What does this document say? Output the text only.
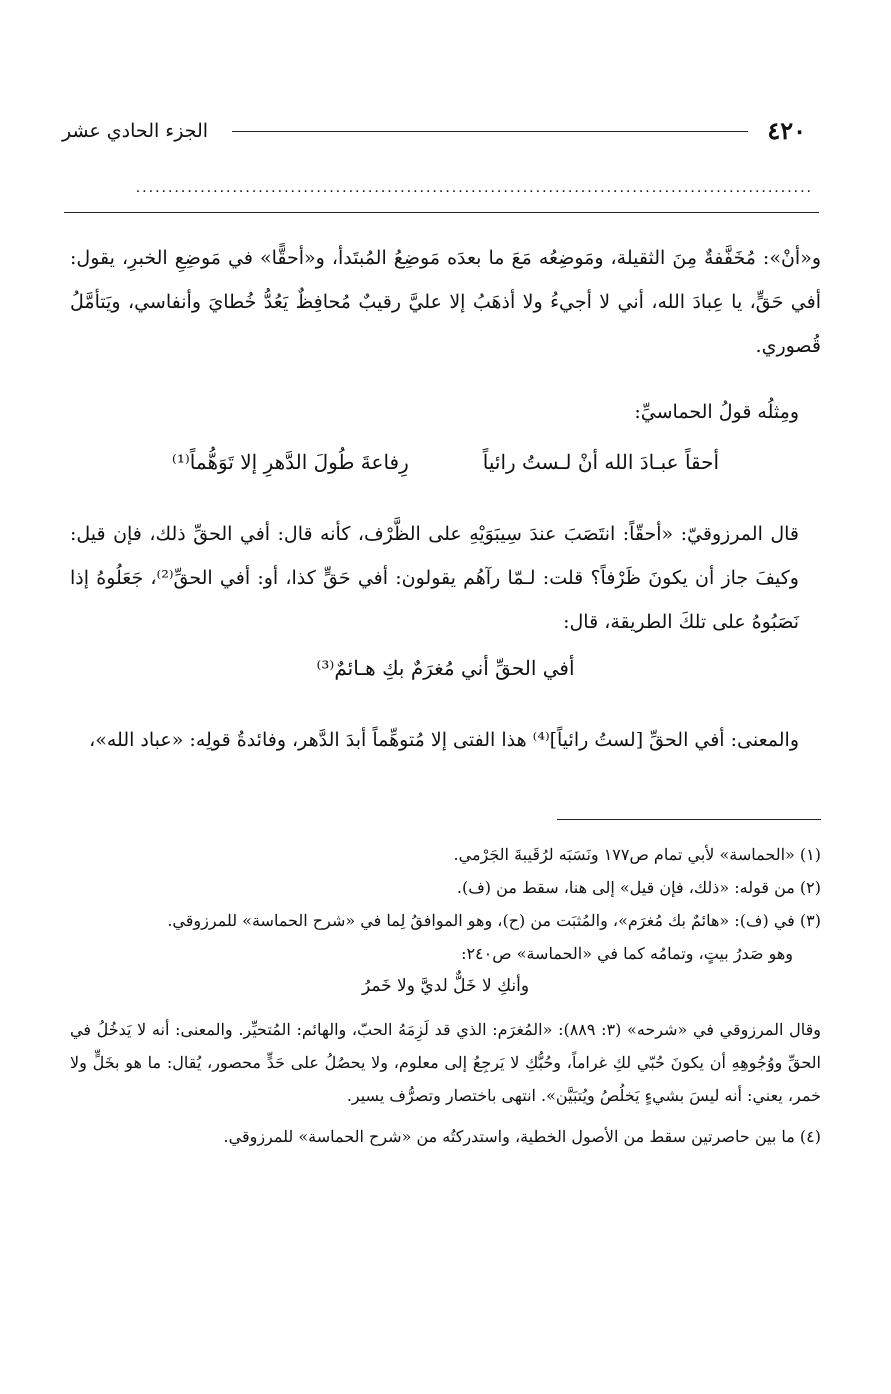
٤٢٠
الجزء الحادي عشر
.........................................................................................................

و«أنْ»: مُخَفَّفةٌ مِنَ الثقيلة، ومَوضِعُه مَعَ ما بعدَه مَوضِعُ المُبتَدأ، و«أحقًّا» في مَوضِعِ الخبرِ، يقول: أفي حَقٍّ، يا عِبادَ الله، أني لا أجيءُ ولا أذهَبُ إلا عليَّ رقيبٌ مُحافِظٌ يَعُدُّ خُطايَ وأنفاسي، ويَتأمَّلُ قُصوري.

ومِثلُه قولُ الحماسيِّ:

أحقاً عبـادَ الله أنْ لـستُ رائياً
رِفاعةَ طُولَ الدَّهرِ إلا تَوَهُّماً⁽¹⁾

قال المرزوقيّ: «أحقّاً: انتَصَبَ عندَ سِيبَوَيْهِ على الظَّرْف، كأنه قال: أفي الحقِّ ذلك، فإن قيل: وكيفَ جاز أن يكونَ ظَرْفاً؟ قلت: لـمّا رآهُم يقولون: أفي حَقٍّ كذا، أو: أفي الحقِّ⁽²⁾، جَعَلُوهُ إذا نَصَبُوهُ على تلكَ الطريقة، قال:

أفي الحقِّ أني مُغرَمٌ بكِ هـائمٌ⁽³⁾

والمعنى: أفي الحقِّ [لستُ رائياً]⁽⁴⁾ هذا الفتى إلا مُتوهِّماً أبدَ الدَّهر، وفائدةُ قولِه: «عباد الله»،

(١) «الحماسة» لأبي تمام ص١٧٧ ونَسَبَه لرُقَيبةَ الجَرْمي.

(٢) من قوله: «ذلك، فإن قيل» إلى هنا، سقط من (ف).

(٣) في (ف): «هائمٌ بك مُغرَم»، والمُثبَت من (ح)، وهو الموافقُ لِما في «شرح الحماسة» للمرزوقي.

وهو صَدرُ بيتٍ، وتمامُه كما في «الحماسة» ص٢٤٠:

وأنكِ لا خَلٌّ لديَّ ولا خَمرُ

وقال المرزوقي في «شرحه» (٣: ٨٨٩): «المُغرَم: الذي قد لَزِمَهُ الحبّ، والهائم: المُتحيِّر. والمعنى: أنه لا يَدخُلُ في الحقِّ ووُجُوهِهِ أن يكونَ حُبّي لكِ غراماً، وحُبُّكِ لا يَرجِعُ إلى معلوم، ولا يحصُلُ على حَدٍّ محصور، يُقال: ما هو بخَلٍّ ولا خمر، يعني: أنه ليسَ بشيءٍ يَخلُصُ ويُتبَيَّن». انتهى باختصار وتصرُّف يسير.

(٤) ما بين حاصرتين سقط من الأصول الخطية، واستدركتُه من «شرح الحماسة» للمرزوقي.
